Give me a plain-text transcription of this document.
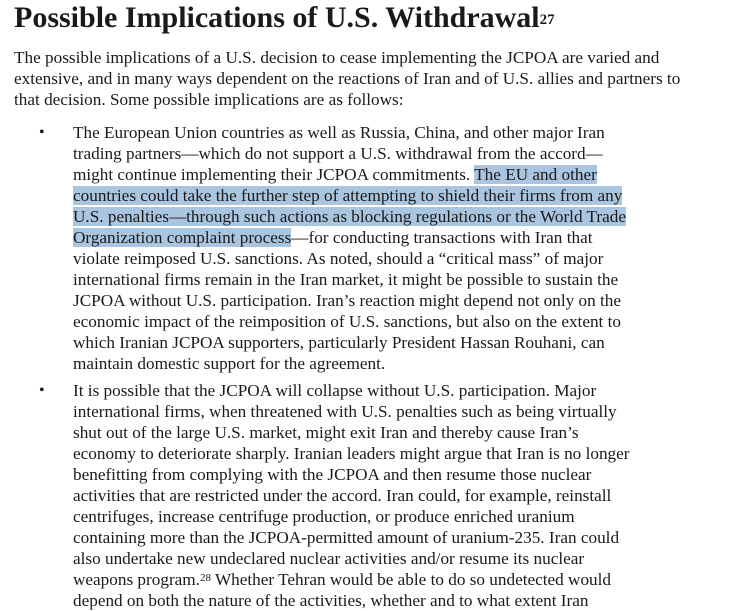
Possible Implications of U.S. Withdrawal$^{27}$
The possible implications of a U.S. decision to cease implementing the JCPOA are varied and
extensive, and in many ways dependent on the reactions of Iran and of U.S. allies and partners to
that decision. Some possible implications are as follows:
• The European Union countries as well as Russia, China, and other major Iran
trading partners—which do not support a U.S. withdrawal from the accord—
might continue implementing their JCPOA commitments. The EU and other
countries could take the further step of attempting to shield their firms from any
U.S. penalties—through such actions as blocking regulations or the World Trade
Organization complaint process—for conducting transactions with Iran that
violate reimposed U.S. sanctions. As noted, should a “critical mass” of major
international firms remain in the Iran market, it might be possible to sustain the
JCPOA without U.S. participation. Iran’s reaction might depend not only on the
economic impact of the reimposition of U.S. sanctions, but also on the extent to
which Iranian JCPOA supporters, particularly President Hassan Rouhani, can
maintain domestic support for the agreement.
• It is possible that the JCPOA will collapse without U.S. participation. Major
international firms, when threatened with U.S. penalties such as being virtually
shut out of the large U.S. market, might exit Iran and thereby cause Iran’s
economy to deteriorate sharply. Iranian leaders might argue that Iran is no longer
benefitting from complying with the JCPOA and then resume those nuclear
activities that are restricted under the accord. Iran could, for example, reinstall
centrifuges, increase centrifuge production, or produce enriched uranium
containing more than the JCPOA-permitted amount of uranium-235. Iran could
also undertake new undeclared nuclear activities and/or resume its nuclear
weapons program.$^{28}$ Whether Tehran would be able to do so undetected would
depend on both the nature of the activities, whether and to what extent Iran
